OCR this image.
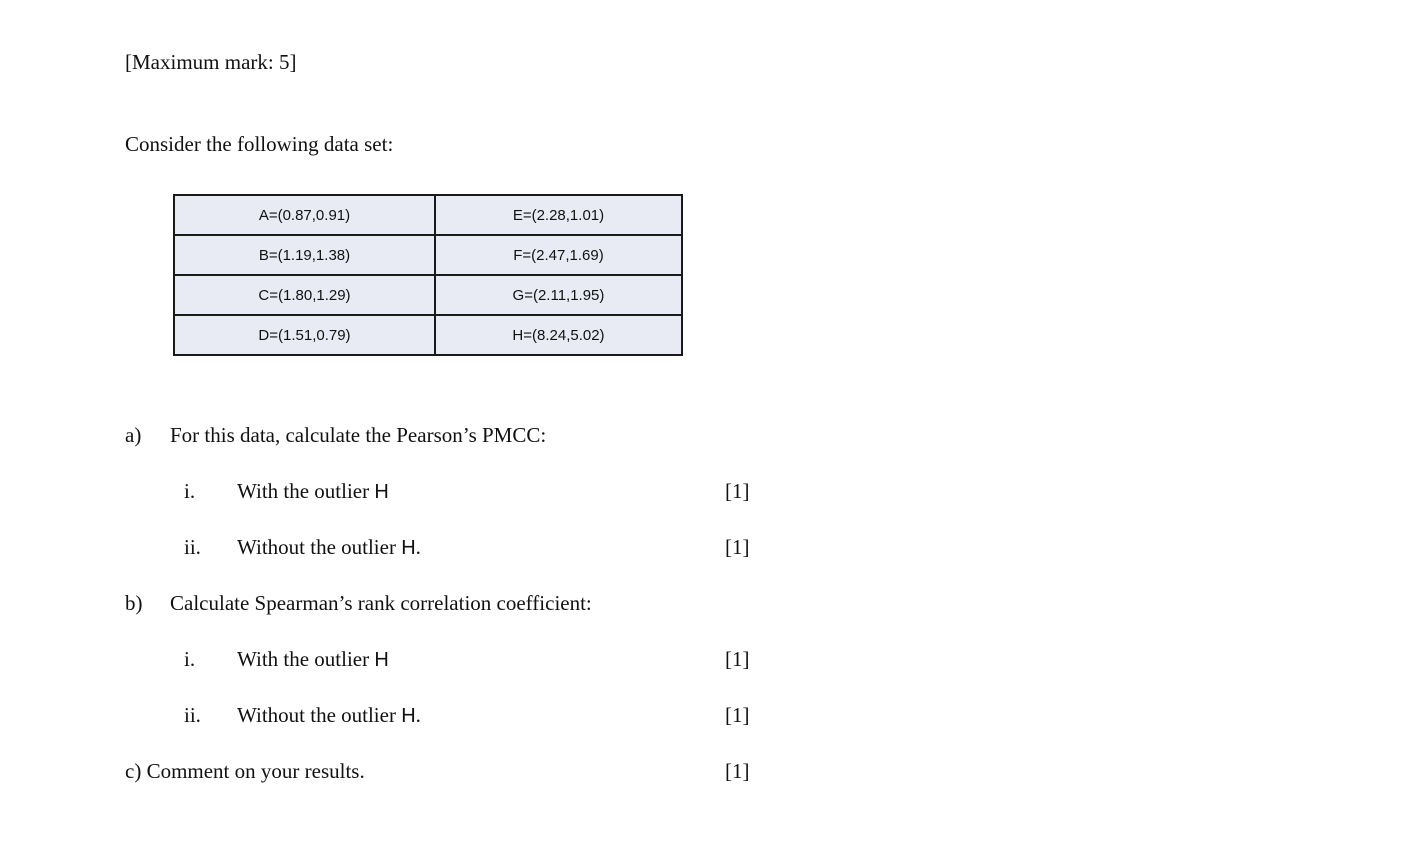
[Maximum mark: 5]
Consider the following data set:
A=(0.87,0.91)	E=(2.28,1.01)
B=(1.19,1.38)	F=(2.47,1.69)
C=(1.80,1.29)	G=(2.11,1.95)
D=(1.51,0.79)	H=(8.24,5.02)
a) For this data, calculate the Pearson’s PMCC:
i. With the outlier H	[1]
ii. Without the outlier H.	[1]
b) Calculate Spearman’s rank correlation coefficient:
i. With the outlier H	[1]
ii. Without the outlier H.	[1]
c) Comment on your results.	[1]
